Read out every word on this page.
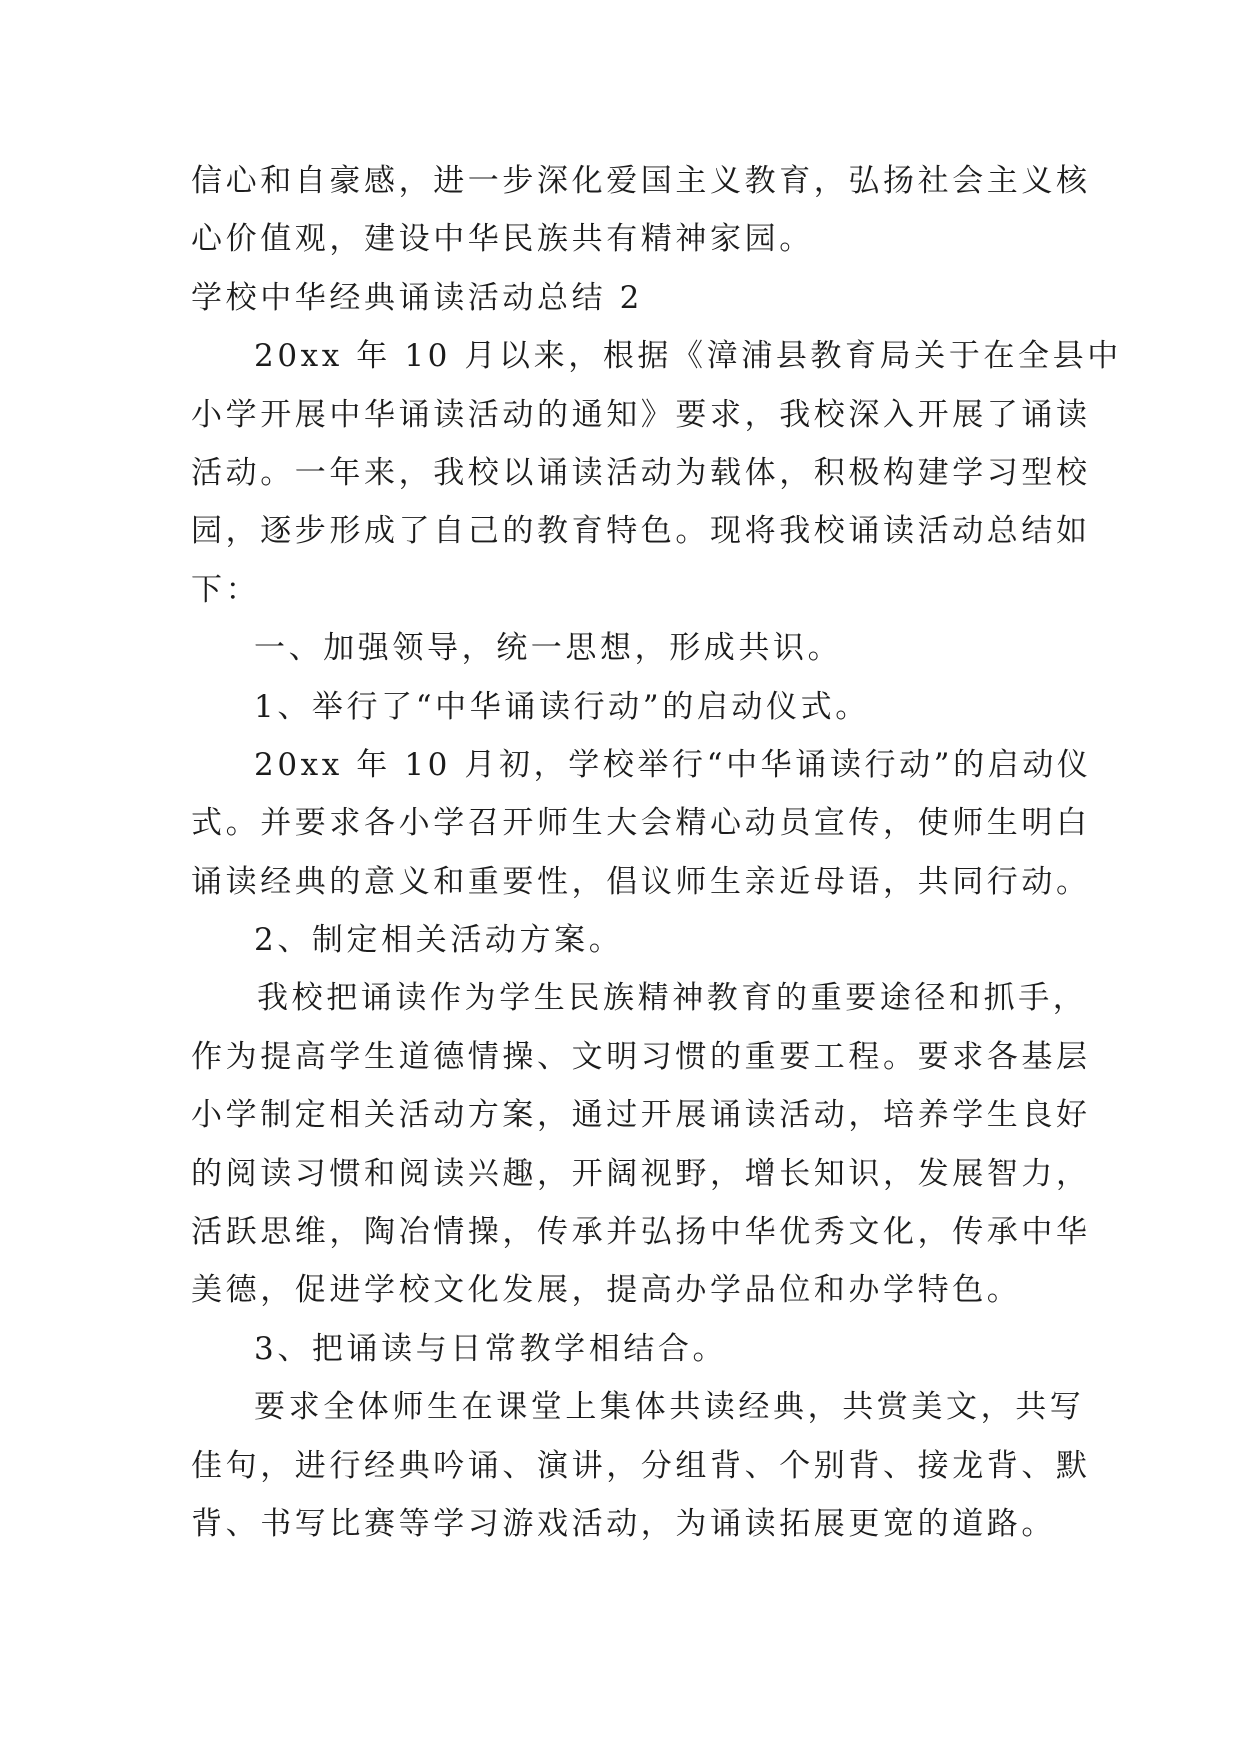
信心和自豪感，进一步深化爱国主义教育，弘扬社会主义核
心价值观，建设中华民族共有精神家园。
学校中华经典诵读活动总结 2
20xx 年 10 月以来，根据《漳浦县教育局关于在全县中
小学开展中华诵读活动的通知》要求，我校深入开展了诵读
活动。一年来，我校以诵读活动为载体，积极构建学习型校
园，逐步形成了自己的教育特色。现将我校诵读活动总结如
下：
一、加强领导，统一思想，形成共识。
1、举行了“中华诵读行动”的启动仪式。
20xx 年 10 月初，学校举行“中华诵读行动”的启动仪
式。并要求各小学召开师生大会精心动员宣传，使师生明白
诵读经典的意义和重要性，倡议师生亲近母语，共同行动。
2、制定相关活动方案。
我校把诵读作为学生民族精神教育的重要途径和抓手，
作为提高学生道德情操、文明习惯的重要工程。要求各基层
小学制定相关活动方案，通过开展诵读活动，培养学生良好
的阅读习惯和阅读兴趣，开阔视野，增长知识，发展智力，
活跃思维，陶冶情操，传承并弘扬中华优秀文化，传承中华
美德，促进学校文化发展，提高办学品位和办学特色。
3、把诵读与日常教学相结合。
要求全体师生在课堂上集体共读经典，共赏美文，共写
佳句，进行经典吟诵、演讲，分组背、个别背、接龙背、默
背、书写比赛等学习游戏活动，为诵读拓展更宽的道路。
